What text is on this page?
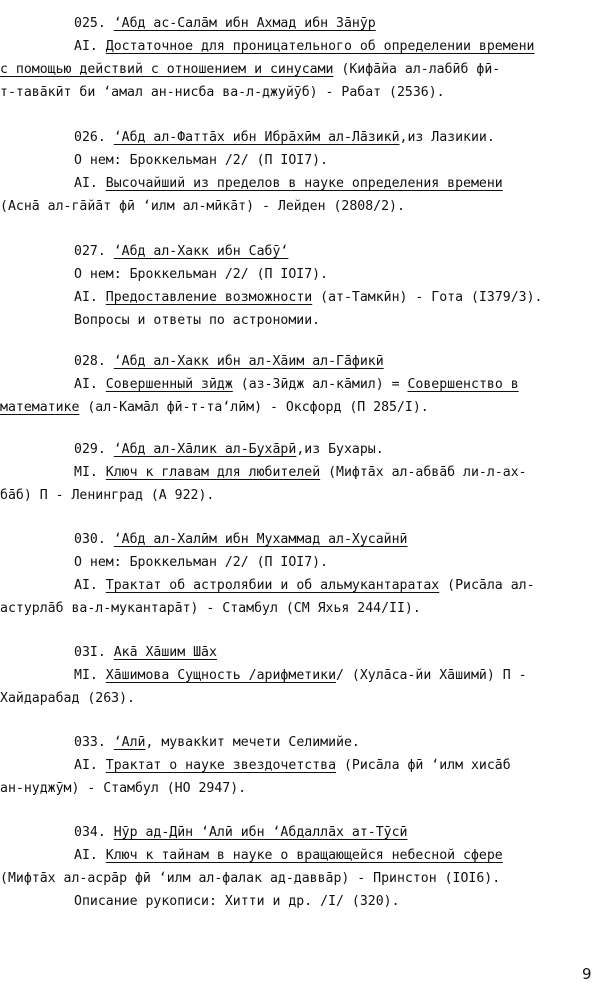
025. ʻАбд ас-Салāм ибн Ахмад ибн Зāнӯр
AI. Достаточное для проницательного об определении времени
с помощью действий с отношением и синусами (Кифāйа ал-лабӣб фӣ-
т-тавāкӣт би ʻамал ан-нисба ва-л-джуйӯб) - Рабат (2536).
026. ʻАбд ал-Фаттāх ибн Ибрāхӣм ал-Лāзикӣ,из Лазикии.
О нем: Броккельман /2/ (П IOI7).
AI. Высочайший из пределов в науке определения времени
(Аснā ал-гāйāт фӣ ʻилм ал-мӣкāт) - Лейден (2808/2).
027. ʻАбд ал-Хакк ибн Сабӯʻ
О нем: Броккельман /2/ (П IOI7).
AI. Предоставление возможности (ат-Тамкӣн) - Гота (I379/3).
Вопросы и ответы по астрономии.
028. ʻАбд ал-Хакк ибн ал-Хāим ал-Гāфикӣ
AI. Совершенный зӣдж (аз-Зӣдж ал-кāмил) = Совершенство в
математике (ал-Камāл фӣ-т-таʻлӣм) - Оксфорд (П 285/I).
029. ʻАбд ал-Хāлик ал-Бухāрӣ,из Бухары.
MI. Ключ к главам для любителей (Мифтāх ал-абвāб ли-л-ах-
бāб) П - Ленинград (А 922).
030. ʻАбд ал-Халӣм ибн Мухаммад ал-Хусайнӣ
О нем: Броккельман /2/ (П IOI7).
AI. Трактат об астролябии и об альмукантаратах (Рисāла ал-
астурлāб ва-л-мукантарāт) - Стамбул (СМ Яхья 244/II).
03I. Акā Хāшим Шāх
MI. Хāшимова Сущность /арифметики/ (Хулāса-йи Хāшимӣ) П -
Хайдарабад (263).
033. ʻАлӣ, мувакkит мечети Селимийе.
AI. Трактат о науке звездочетства (Рисāла фӣ ʻилм хисāб
ан-нуджӯм) - Стамбул (НО 2947).
034. Нӯр ад-Дӣн ʻАлӣ ибн ʻАбдаллāх ат-Тӯсӣ
AI. Ключ к тайнам в науке о вращающейся небесной сфере
(Мифтāх ал-асрāр фӣ ʻилм ал-фалак ад-даввāр) - Принстон (IOI6).
Описание рукописи: Хитти и др. /I/ (320).
9
